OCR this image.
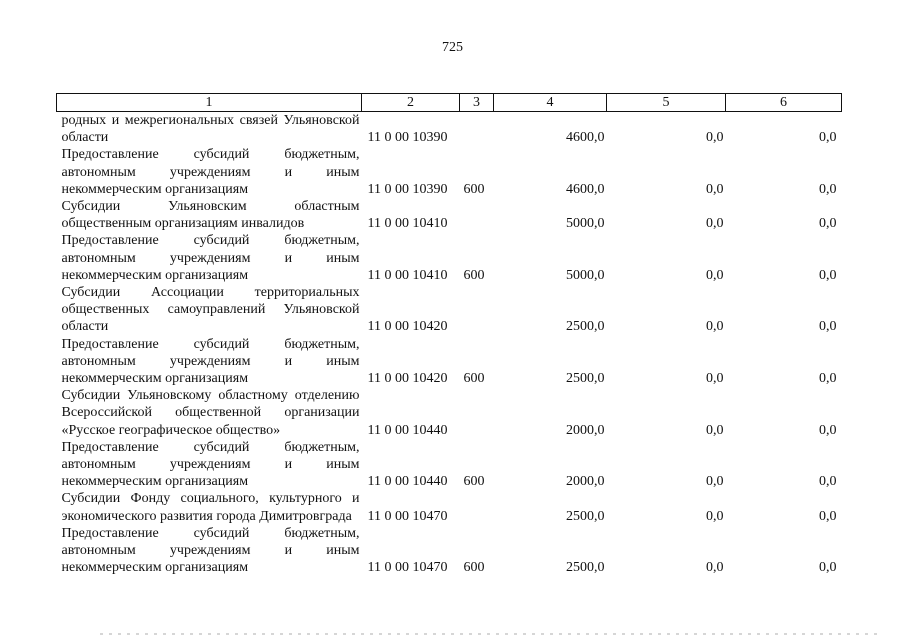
725
1	2	3	4	5	6
родных и межрегиональных связей Ульяновской области	11 0 00 10390		4600,0	0,0	0,0
Предоставление субсидий бюджетным, автономным учреждениям и иным некоммерческим организациям	11 0 00 10390	600	4600,0	0,0	0,0
Субсидии Ульяновским областным общественным организациям инвалидов	11 0 00 10410		5000,0	0,0	0,0
Предоставление субсидий бюджетным, автономным учреждениям и иным некоммерческим организациям	11 0 00 10410	600	5000,0	0,0	0,0
Субсидии Ассоциации территориальных общественных самоуправлений Ульяновской области	11 0 00 10420		2500,0	0,0	0,0
Предоставление субсидий бюджетным, автономным учреждениям и иным некоммерческим организациям	11 0 00 10420	600	2500,0	0,0	0,0
Субсидии Ульяновскому областному отделению Всероссийской общественной организации «Русское географическое общество»	11 0 00 10440		2000,0	0,0	0,0
Предоставление субсидий бюджетным, автономным учреждениям и иным некоммерческим организациям	11 0 00 10440	600	2000,0	0,0	0,0
Субсидии Фонду социального, культурного и экономического развития города Димитровграда	11 0 00 10470		2500,0	0,0	0,0
Предоставление субсидий бюджетным, автономным учреждениям и иным некоммерческим организациям	11 0 00 10470	600	2500,0	0,0	0,0
